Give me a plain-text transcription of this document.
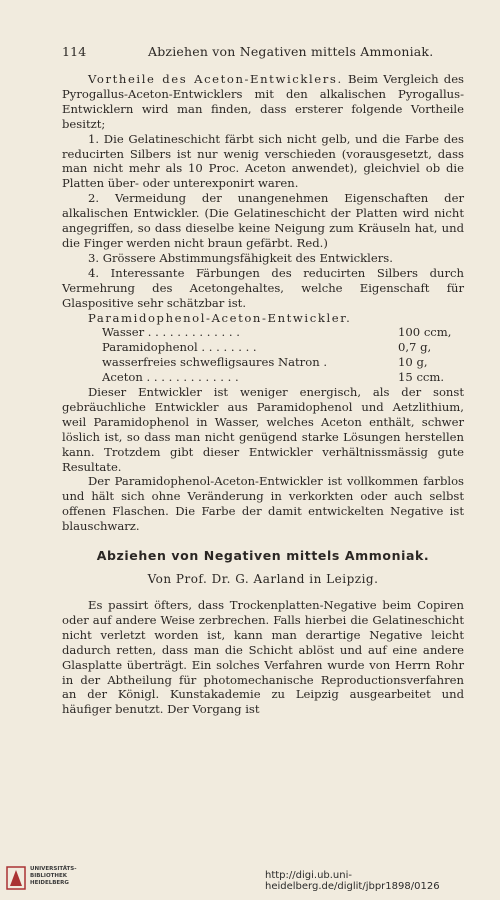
114	Abziehen von Negativen mittels Ammoniak.

Vortheile des Aceton-Entwicklers. Beim Vergleich des Pyrogallus-Aceton-Entwicklers mit den alkalischen Pyrogallus-Entwicklern wird man finden, dass ersterer folgende Vortheile besitzt;

1. Die Gelatineschicht färbt sich nicht gelb, und die Farbe des reducirten Silbers ist nur wenig verschieden (vorausgesetzt, dass man nicht mehr als 10 Proc. Aceton anwendet), gleichviel ob die Platten über- oder unterexponirt waren.

2. Vermeidung der unangenehmen Eigenschaften der alkalischen Entwickler. (Die Gelatineschicht der Platten wird nicht angegriffen, so dass dieselbe keine Neigung zum Kräuseln hat, und die Finger werden nicht braun gefärbt. Red.)

3. Grössere Abstimmungsfähigkeit des Entwicklers.

4. Interessante Färbungen des reducirten Silbers durch Vermehrung des Acetongehaltes, welche Eigenschaft für Glaspositive sehr schätzbar ist.

Paramidophenol-Aceton-Entwickler.

Wasser . . . . . . . . . . . . .	100 ccm,
Paramidophenol . . . . . . . .	0,7 g,
wasserfreies schwefligsaures Natron .	10 g,
Aceton . . . . . . . . . . . . .	15 ccm.

Dieser Entwickler ist weniger energisch, als der sonst gebräuchliche Entwickler aus Paramidophenol und Aetzlithium, weil Paramidophenol in Wasser, welches Aceton enthält, schwer löslich ist, so dass man nicht genügend starke Lösungen herstellen kann. Trotzdem gibt dieser Entwickler verhältnissmässig gute Resultate.

Der Paramidophenol-Aceton-Entwickler ist vollkommen farblos und hält sich ohne Veränderung in verkorkten oder auch selbst offenen Flaschen. Die Farbe der damit entwickelten Negative ist blauschwarz.

Abziehen von Negativen mittels Ammoniak.
Von Prof. Dr. G. Aarland in Leipzig.

Es passirt öfters, dass Trockenplatten-Negative beim Copiren oder auf andere Weise zerbrechen. Falls hierbei die Gelatineschicht nicht verletzt worden ist, kann man derartige Negative leicht dadurch retten, dass man die Schicht ablöst und auf eine andere Glasplatte überträgt. Ein solches Verfahren wurde von Herrn Rohr in der Abtheilung für photomechanische Reproductionsverfahren an der Königl. Kunstakademie zu Leipzig ausgearbeitet und häufiger benutzt. Der Vorgang ist

UNIVERSITÄTS-
BIBLIOTHEK
HEIDELBERG
http://digi.ub.uni-heidelberg.de/diglit/jbpr1898/0126
